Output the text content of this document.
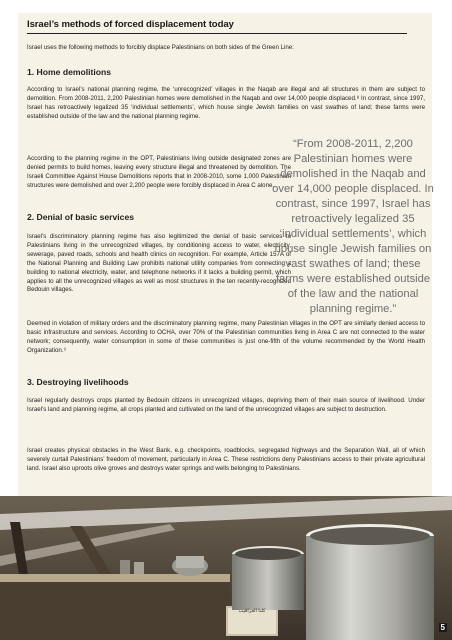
Israel’s methods of forced displacement today

Israel uses the following methods to forcibly displace Palestinians on both sides of the Green Line:

1. Home demolitions

According to Israel’s national planning regime, the ‘unrecognized’ villages in the Naqab are illegal and all structures in them are subject to demolition. From 2008-2011, 2,200 Palestinian homes were demolished in the Naqab and over 14,000 people displaced.⁸ In contrast, since 1997, Israel has retroactively legalized 35 ‘individual settlements’, which house single Jewish families on vast swathes of land; these farms were established outside of the law and the national planning regime.

According to the planning regime in the OPT, Palestinians living outside designated zones are denied permits to build homes, leaving every structure illegal and threatened by demolition. The Israeli Committee Against House Demolitions reports that in 2008-2010, some 1,000 Palestinian structures were demolished and over 2,200 people were forcibly displaced in Area C alone.

2. Denial of basic services

Israel’s discriminatory planning regime has also legitimized the denial of basic services to Palestinians living in the unrecognized villages, by conditioning access to water, electricity, sewerage, paved roads, schools and health clinics on recognition. For example, Article 157A of the National Planning and Building Law prohibits national utility companies from connecting a building to national electricity, water, and telephone networks if it lacks a building permit, which applies to all the unrecognized villages as well as most structures in the ten recently-recognized Bedouin villages.

Deemed in violation of military orders and the discriminatory planning regime, many Palestinian villages in the OPT are similarly denied access to basic infrastructure and services. According to OCHA, over 70% of the Palestinian communities living in Area C are not connected to the water network; consequently, water consumption in some of these communities is just one-fifth of the volume recommended by the World Health Organization.⁹

“From 2008-2011, 2,200 Palestinian homes were demolished in the Naqab and over 14,000 people displaced. In contrast, since 1997, Israel has retroactively legalized 35 ‘individual settlements’, which house single Jewish families on vast swathes of land; these farms were established outside of the law and the national planning regime.”

3. Destroying livelihoods

Israel regularly destroys crops planted by Bedouin citizens in unrecognized villages, depriving them of their main source of livelihood. Under Israel’s land and planning regime, all crops planted and cultivated on the land of the unrecognized villages are subject to destruction.

Israel creates physical obstacles in the West Bank, e.g. checkpoints, roadblocks, segregated highways and the Separation Wall, all of which severely curtail Palestinians’ freedom of movement, particularly in Area C. These restrictions deny Palestinians access to their private agricultural land. Israel also uproots olive groves and destroys water springs and wells belonging to Palestinians.

كلنا العراقيب
5
